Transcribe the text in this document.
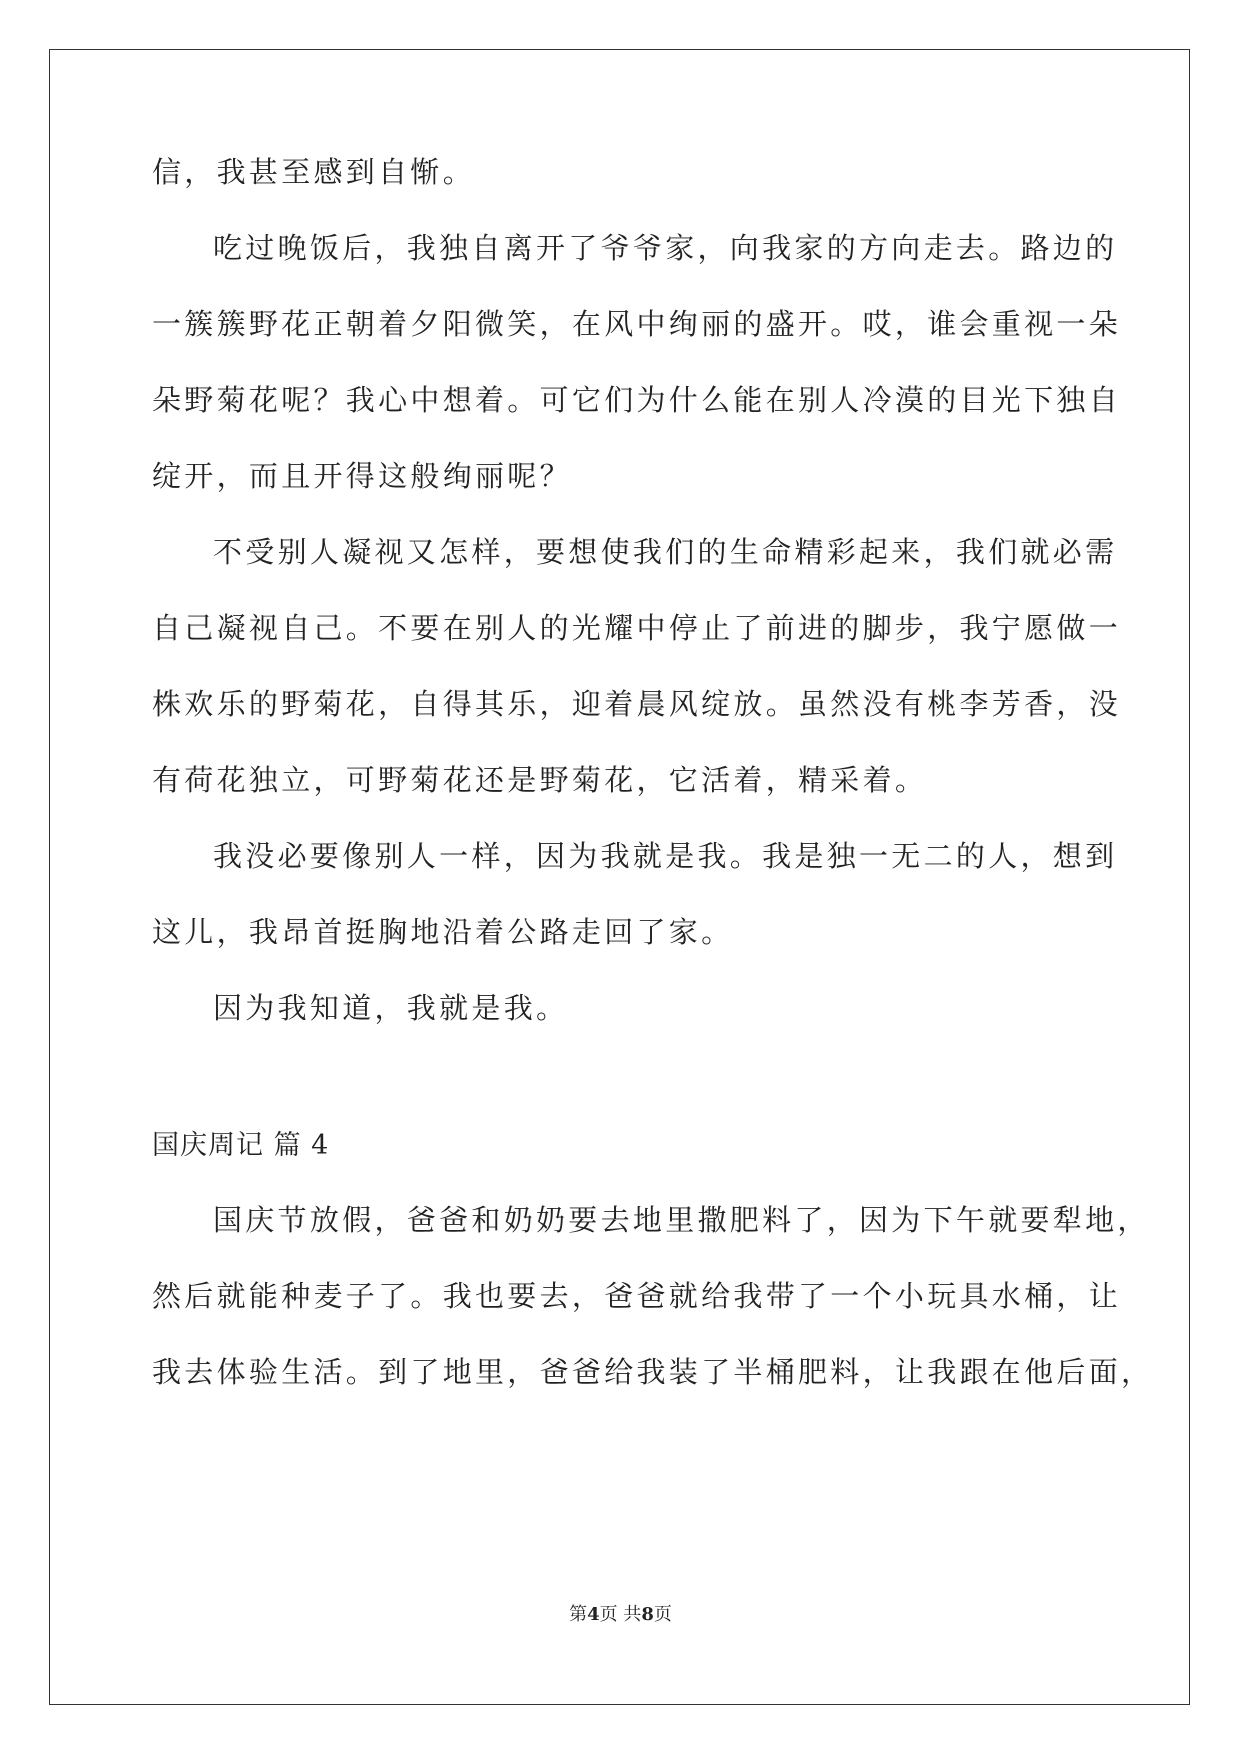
信，我甚至感到自惭。
吃过晚饭后，我独自离开了爷爷家，向我家的方向走去。路边的
一簇簇野花正朝着夕阳微笑，在风中绚丽的盛开。哎，谁会重视一朵
朵野菊花呢？我心中想着。可它们为什么能在别人冷漠的目光下独自
绽开，而且开得这般绚丽呢？
不受别人凝视又怎样，要想使我们的生命精彩起来，我们就必需
自己凝视自己。不要在别人的光耀中停止了前进的脚步，我宁愿做一
株欢乐的野菊花，自得其乐，迎着晨风绽放。虽然没有桃李芳香，没
有荷花独立，可野菊花还是野菊花，它活着，精采着。
我没必要像别人一样，因为我就是我。我是独一无二的人，想到
这儿，我昂首挺胸地沿着公路走回了家。
因为我知道，我就是我。
国庆周记 篇 4
国庆节放假，爸爸和奶奶要去地里撒肥料了，因为下午就要犁地，
然后就能种麦子了。我也要去，爸爸就给我带了一个小玩具水桶，让
我去体验生活。到了地里，爸爸给我装了半桶肥料，让我跟在他后面，
第4页 共8页
